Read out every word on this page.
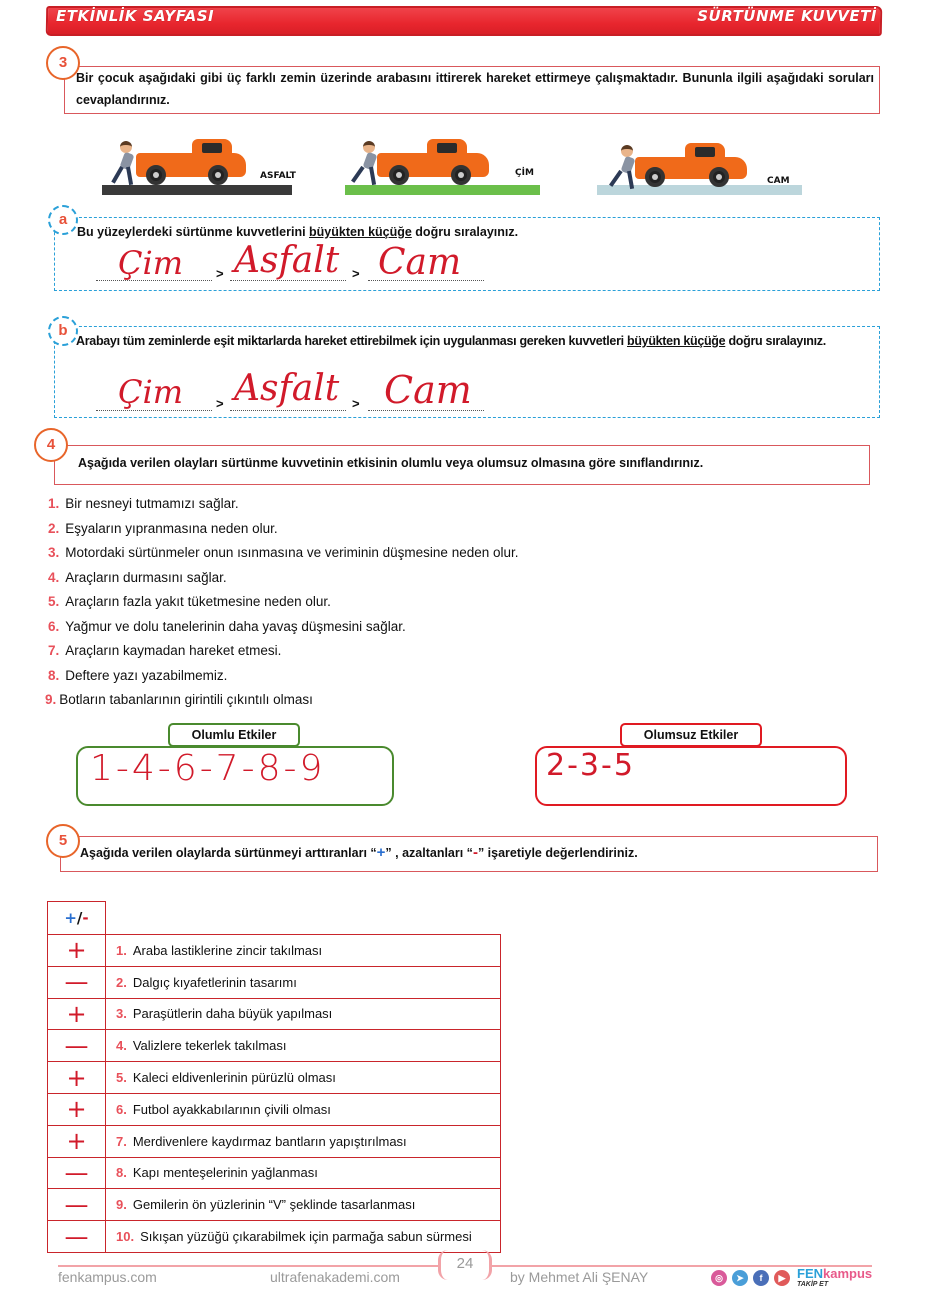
ETKİNLİK SAYFASI	SÜRTÜNME KUVVETİ
3
Bir çocuk aşağıdaki gibi üç farklı zemin üzerinde arabasını ittirerek hareket ettirmeye çalışmaktadır. Bununla ilgili aşağıdaki soruları cevaplandırınız.
ASFALT	ÇİM
CAM
a
Bu yüzeylerdeki sürtünme kuvvetlerini büyükten küçüğe doğru sıralayınız.
>	>
Çim Asfalt Cam
b
Arabayı tüm zeminlerde eşit miktarlarda hareket ettirebilmek için uygulanması gereken kuvvetleri büyükten küçüğe doğru sıralayınız.
>	>
Çim Asfalt Cam
4
Aşağıda verilen olayları sürtünme kuvvetinin etkisinin olumlu veya olumsuz olmasına göre sınıflandırınız.
1. Bir nesneyi tutmamızı sağlar.
2. Eşyaların yıpranmasına neden olur.
3. Motordaki sürtünmeler onun ısınmasına ve veriminin düşmesine neden olur.
4. Araçların durmasını sağlar.
5. Araçların fazla yakıt tüketmesine neden olur.
6. Yağmur ve dolu tanelerinin daha yavaş düşmesini sağlar.
7. Araçların kaymadan hareket etmesi.
8. Deftere yazı yazabilmemiz.
9. Botların tabanlarının girintili çıkıntılı olması
Olumlu Etkiler
1-4-6-7-8-9
Olumsuz Etkiler
2-3-5
5
Aşağıda verilen olaylarda sürtünmeyi arttıranları “+” , azaltanları “-” işaretiyle değerlendiriniz.
+/-	
+	1. Araba lastiklerine zincir takılması
—	2. Dalgıç kıyafetlerinin tasarımı
+	3. Paraşütlerin daha büyük yapılması
—	4. Valizlere tekerlek takılması
+	5. Kaleci eldivenlerinin pürüzlü olması
+	6. Futbol ayakkabılarının çivili olması
+	7. Merdivenlere kaydırmaz bantların yapıştırılması
—	8. Kapı menteşelerinin yağlanması
—	9. Gemilerin ön yüzlerinin “V” şeklinde tasarlanması
—	10. Sıkışan yüzüğü çıkarabilmek için parmağa sabun sürmesi
fenkampus.com	ultrafenakademi.com
24
by Mehmet Ali ŞENAY	◎	➤	f	▶ FENkampus
TAKİP ET
